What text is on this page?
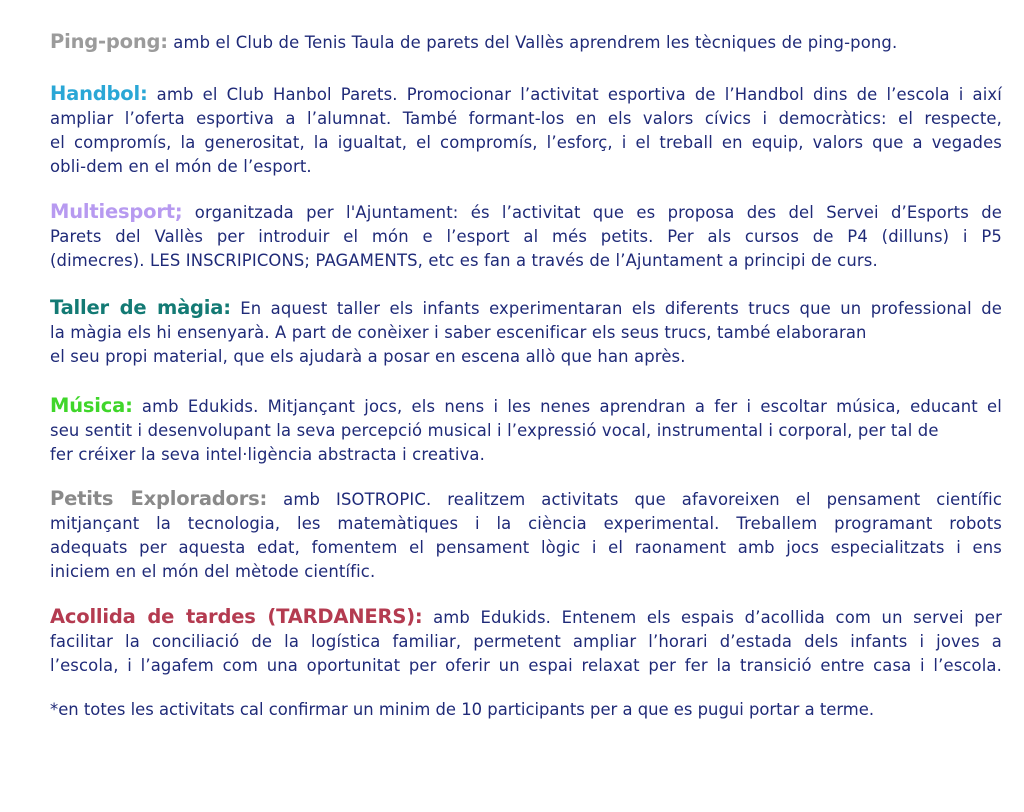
Ping-pong: amb el Club de Tenis Taula de parets del Vallès aprendrem les tècniques de ping-pong.
Handbol: amb el Club Hanbol Parets. Promocionar l’activitat esportiva de l’Handbol dins de l’escola i així
ampliar l’oferta esportiva a l’alumnat. També formant-los en els valors cívics i democràtics: el respecte,
el compromís, la generositat, la igualtat, el compromís, l’esforç, i el treball en equip, valors que a vegades
obli-dem en el món de l’esport.
Multiesport; organitzada per l'Ajuntament: és l’activitat que es proposa des del Servei d’Esports de
Parets del Vallès per introduir el món e l’esport al més petits. Per als cursos de P4 (dilluns) i P5
(dimecres). LES INSCRIPICONS; PAGAMENTS, etc es fan a través de l’Ajuntament a principi de curs.
Taller de màgia: En aquest taller els infants experimentaran els diferents trucs que un professional de
la màgia els hi ensenyarà. A part de conèixer i saber escenificar els seus trucs, també elaboraran
el seu propi material, que els ajudarà a posar en escena allò que han après.
Música: amb Edukids. Mitjançant jocs, els nens i les nenes aprendran a fer i escoltar música, educant el
seu sentit i desenvolupant la seva percepció musical i l’expressió vocal, instrumental i corporal, per tal de
fer créixer la seva intel·ligència abstracta i creativa.
Petits Exploradors: amb ISOTROPIC. realitzem activitats que afavoreixen el pensament científic
mitjançant la tecnologia, les matemàtiques i la ciència experimental. Treballem programant robots
adequats per aquesta edat, fomentem el pensament lògic i el raonament amb jocs especialitzats i ens
iniciem en el món del mètode científic.
Acollida de tardes (TARDANERS): amb Edukids. Entenem els espais d’acollida com un servei per
facilitar la conciliació de la logística familiar, permetent ampliar l’horari d’estada dels infants i joves a
l’escola, i l’agafem com una oportunitat per oferir un espai relaxat per fer la transició entre casa i l’escola.
*en totes les activitats cal confirmar un minim de 10 participants per a que es pugui portar a terme.
